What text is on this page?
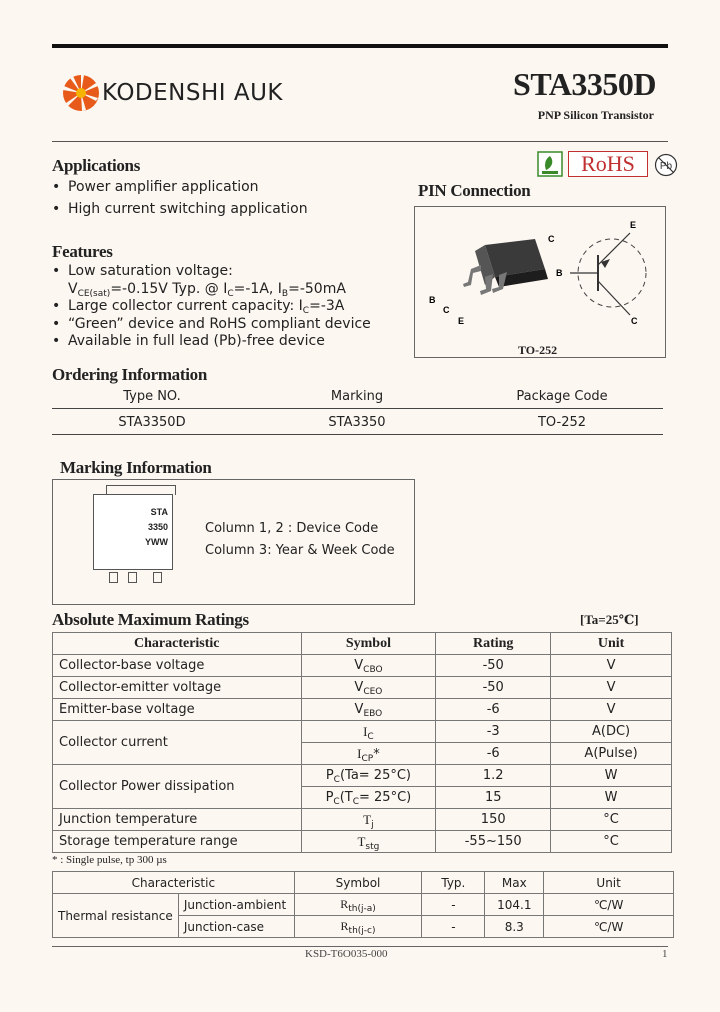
KODENSHI AUK	STA3350D
PNP Silicon Transistor
Applications
• Power amplifier application
• High current switching application
RoHS	Pb
PIN Connection
C
B
B
C
E
E
C
TO-252
Features
• Low saturation voltage:
$V_{CE(sat)}=-0.15V$ Typ. @ $I_C=-1A$, $I_B=-50mA$
• Large collector current capacity: $I_C=-3A$
• “Green” device and RoHS compliant device
• Available in full lead (Pb)-free device
Ordering Information
Type NO.	Marking	Package Code
STA3350D	STA3350	TO-252
Marking Information
STA
3350
YWW
Column 1, 2 : Device Code
Column 3: Year & Week Code
Absolute Maximum Ratings	[Ta=25℃]
Characteristic	Symbol	Rating	Unit
Collector-base voltage	$V_{CBO}$	-50	V
Collector-emitter voltage	$V_{CEO}$	-50	V
Emitter-base voltage	$V_{EBO}$	-6	V
Collector current	$I_C$	-3	A(DC)
	$I_{CP}*$	-6	A(Pulse)
Collector Power dissipation	$P_C(Ta= 25^\circ C)$	1.2	W
	$P_C(T_C= 25^\circ C)$	15	W
Junction temperature	$T_j$	150	°C
Storage temperature range	$T_{stg}$	-55~150	°C
* : Single pulse, tp 300 µs
Characteristic		Symbol	Typ.	Max	Unit
Thermal resistance	Junction-ambient	$R_{th(j-a)}$	-	104.1	℃/W
	Junction-case	$R_{th(j-c)}$	-	8.3	℃/W
KSD-T6O035-000	1
